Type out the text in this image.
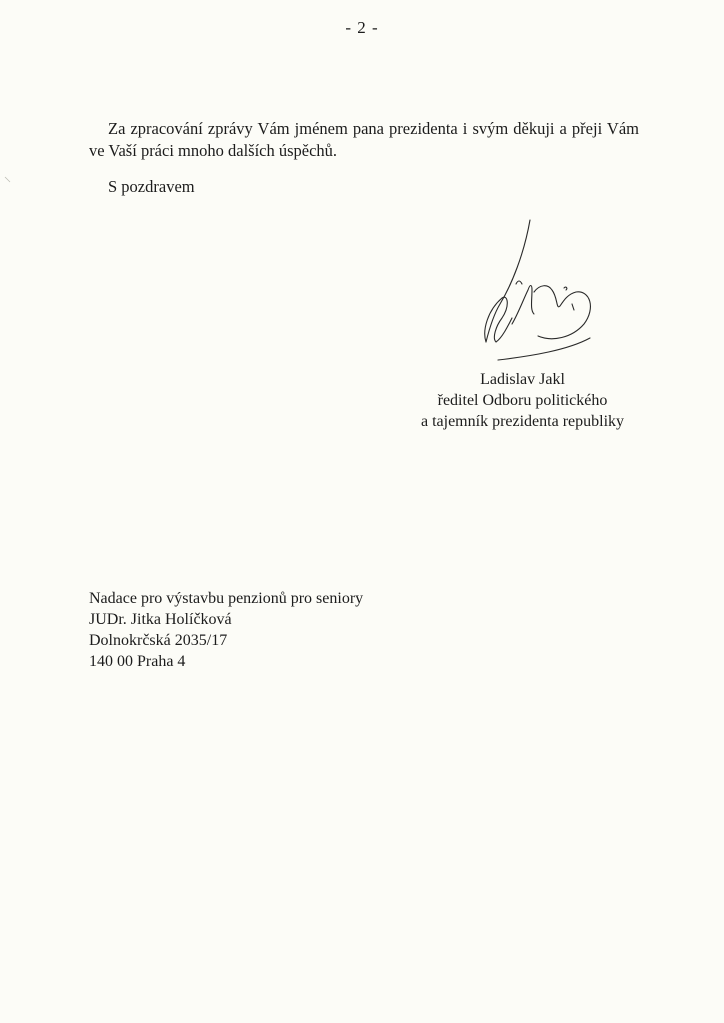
- 2 -

Za zpracování zprávy Vám jménem pana prezidenta i svým děkuji a přeji Vám ve Vaší práci mnoho dalších úspěchů.

S pozdravem

Ladislav Jakl
ředitel Odboru politického
a tajemník prezidenta republiky
Nadace pro výstavbu penzionů pro seniory
JUDr. Jitka Holíčková
Dolnokrčská 2035/17
140 00 Praha 4
